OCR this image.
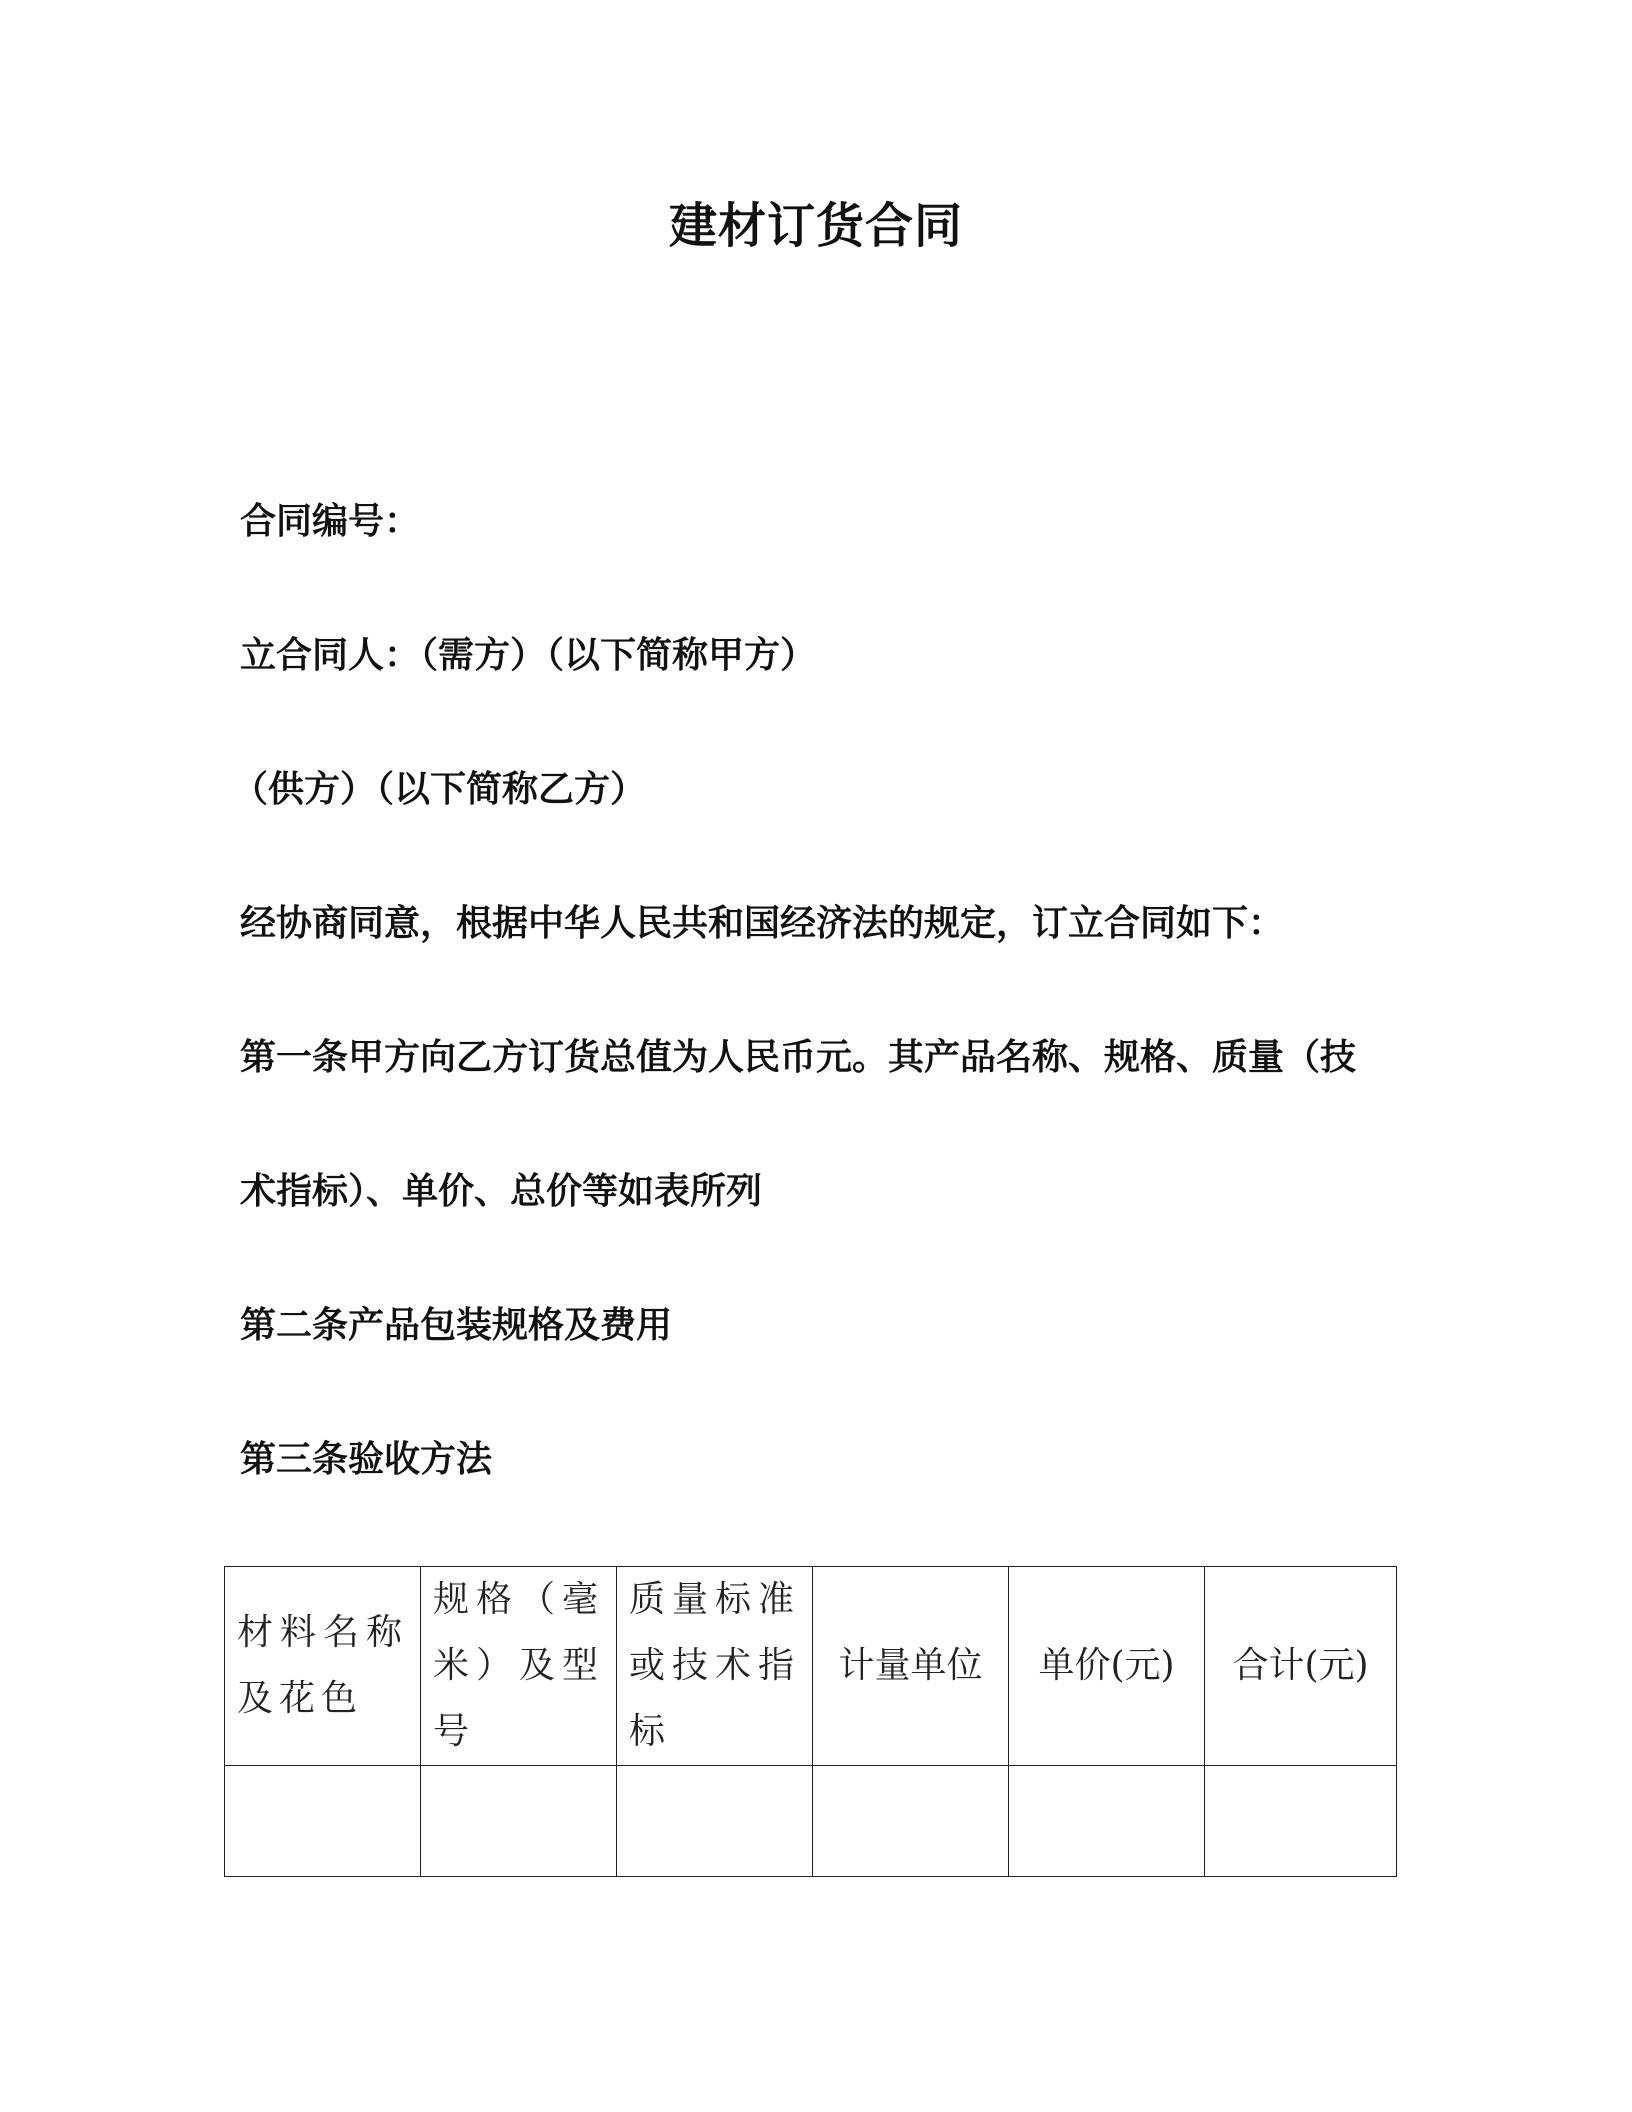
建材订货合同
合同编号：
立合同人：（需方）（以下简称甲方）
（供方）（以下简称乙方）
经协商同意，根据中华人民共和国经济法的规定，订立合同如下：
第一条甲方向乙方订货总值为人民币元。其产品名称、规格、质量（技
术指标）、单价、总价等如表所列
第二条产品包装规格及费用
第三条验收方法
材料名称及花色	规格（毫米）及型号	质量标准或技术指标	计量单位	单价(元)	合计(元)
